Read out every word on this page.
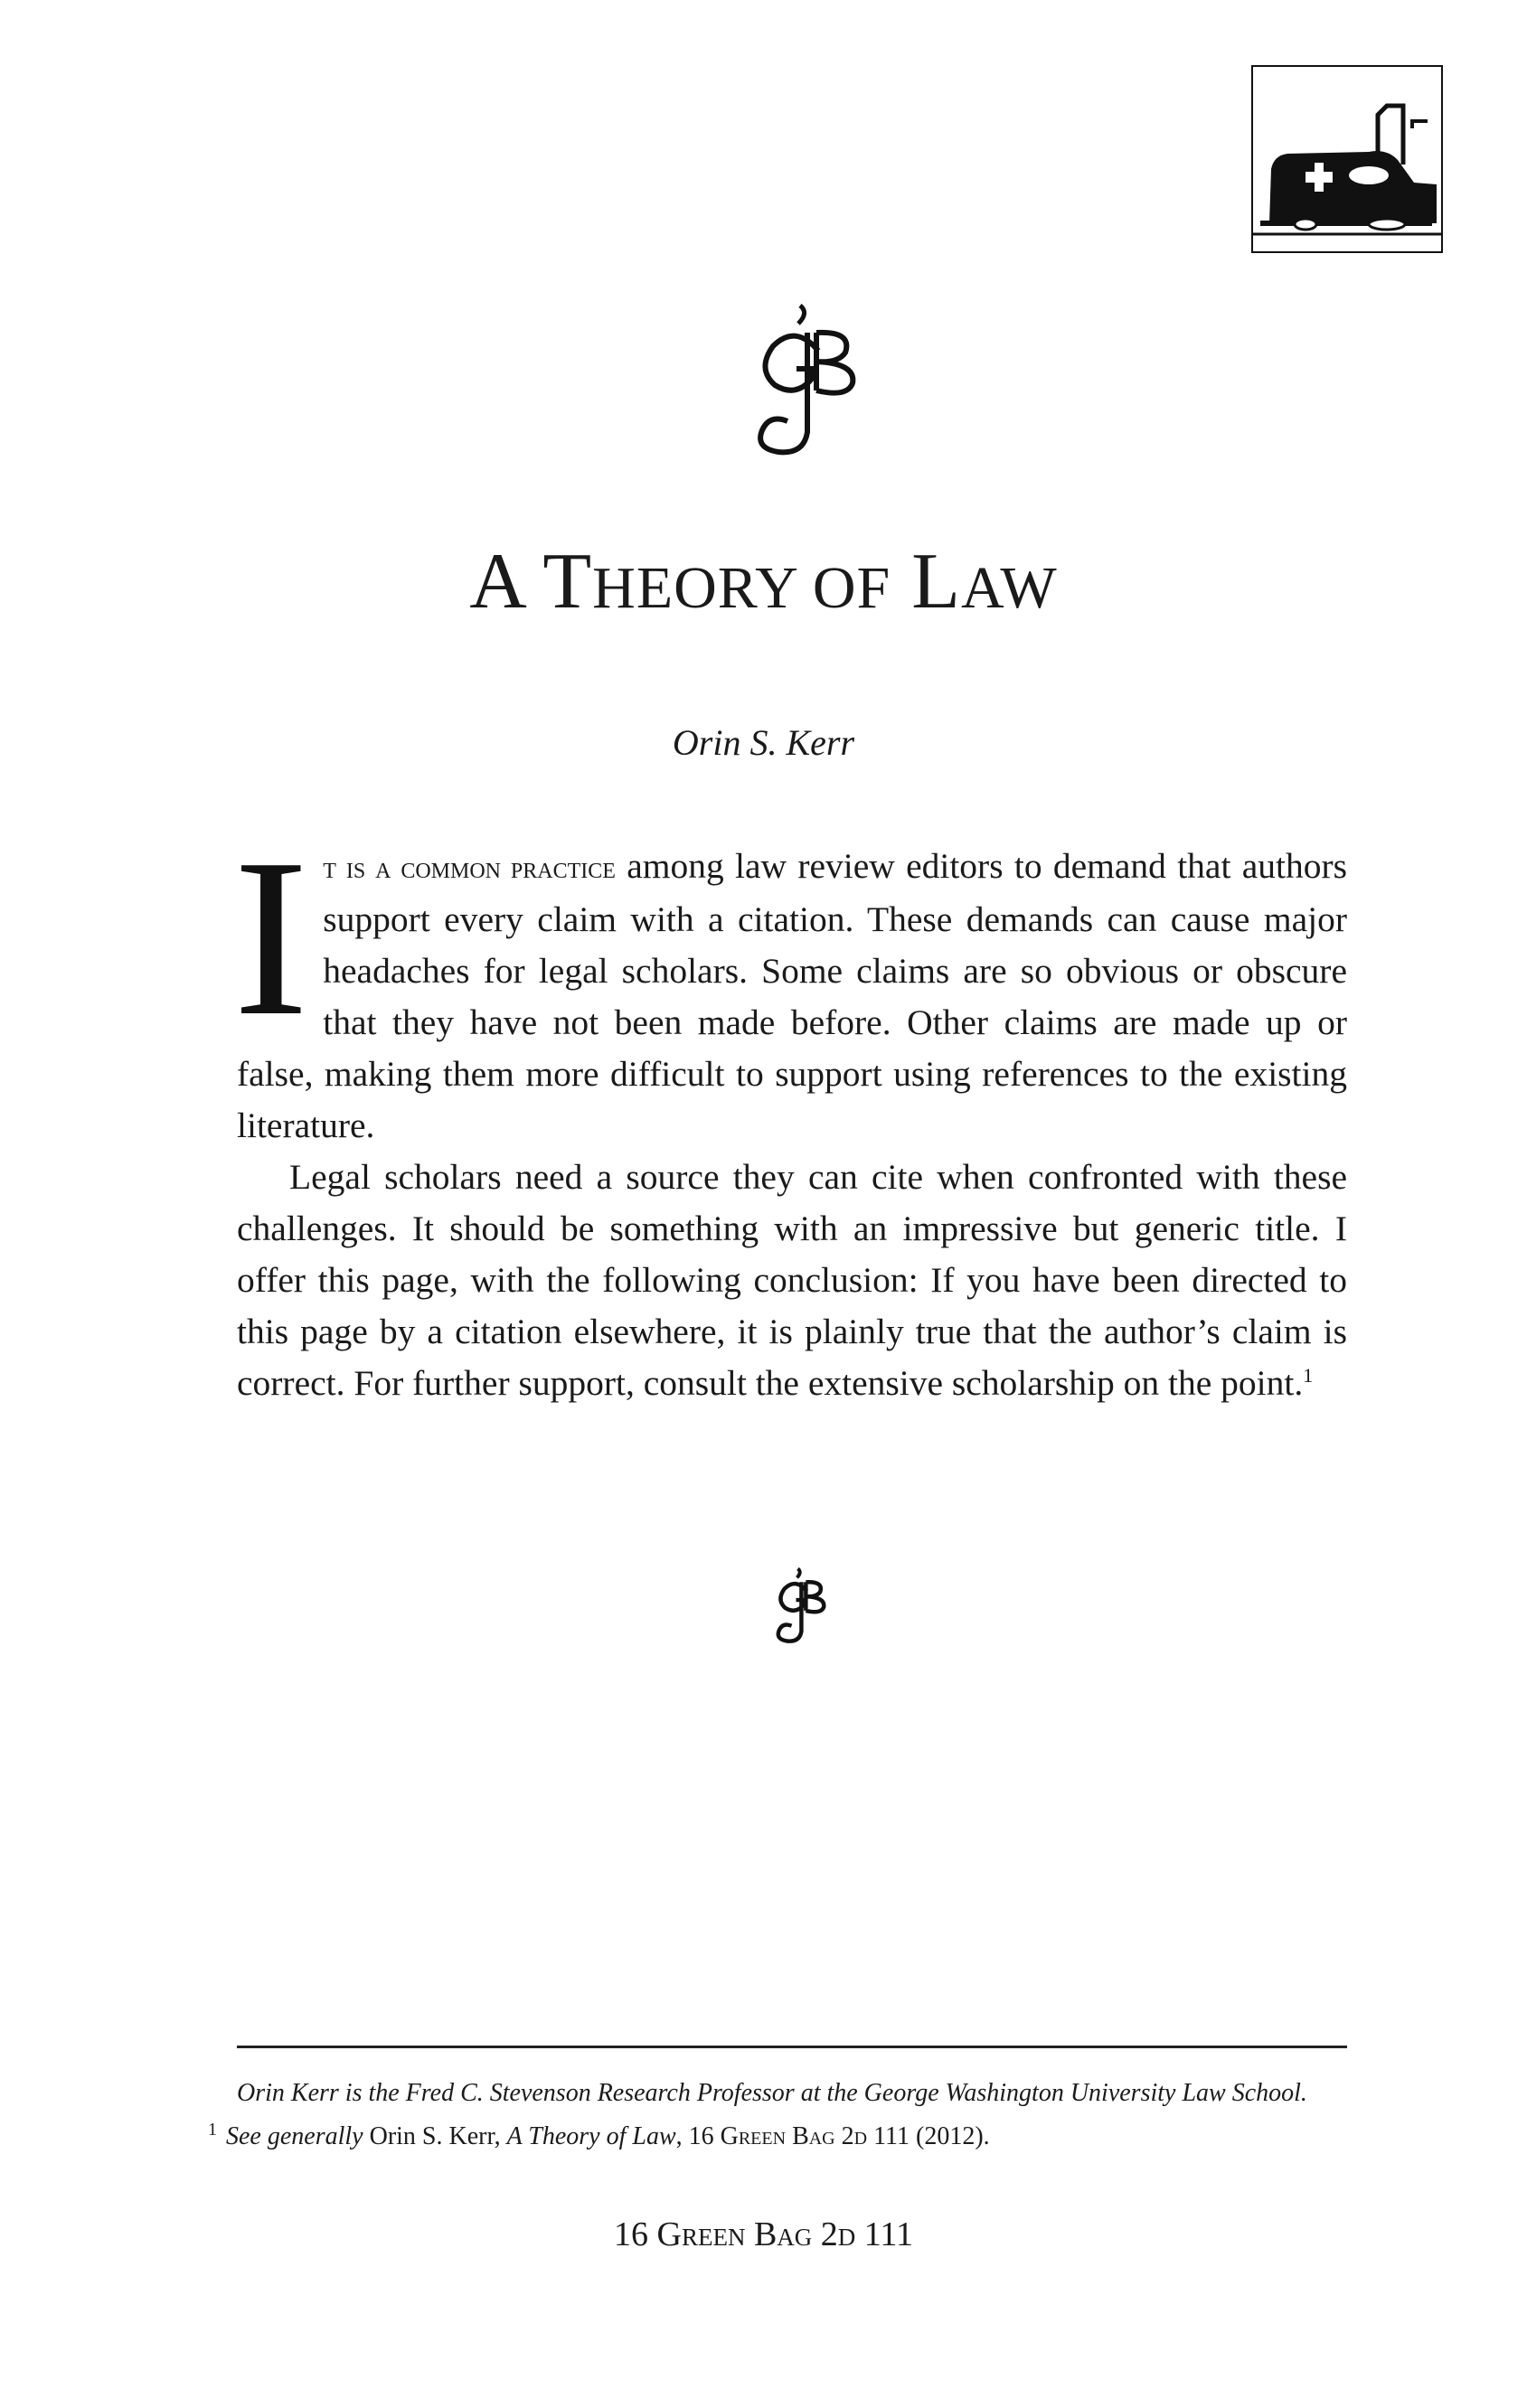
A THEORY OF LAW
Orin S. Kerr

It is a common practice among law review editors to demand that authors support every claim with a citation. These demands can cause major headaches for legal scholars. Some claims are so obvious or obscure that they have not been made before. Other claims are made up or false, making them more difficult to support using references to the existing literature.

Legal scholars need a source they can cite when confronted with these challenges. It should be something with an impressive but generic title. I offer this page, with the following conclusion: If you have been directed to this page by a citation elsewhere, it is plainly true that the author’s claim is correct. For further support, consult the extensive scholarship on the point.$^1$

Orin Kerr is the Fred C. Stevenson Research Professor at the George Washington University Law School.
$^1$ See generally Orin S. Kerr, A Theory of Law, 16 Green Bag 2d 111 (2012).
16 Green Bag 2d 111
